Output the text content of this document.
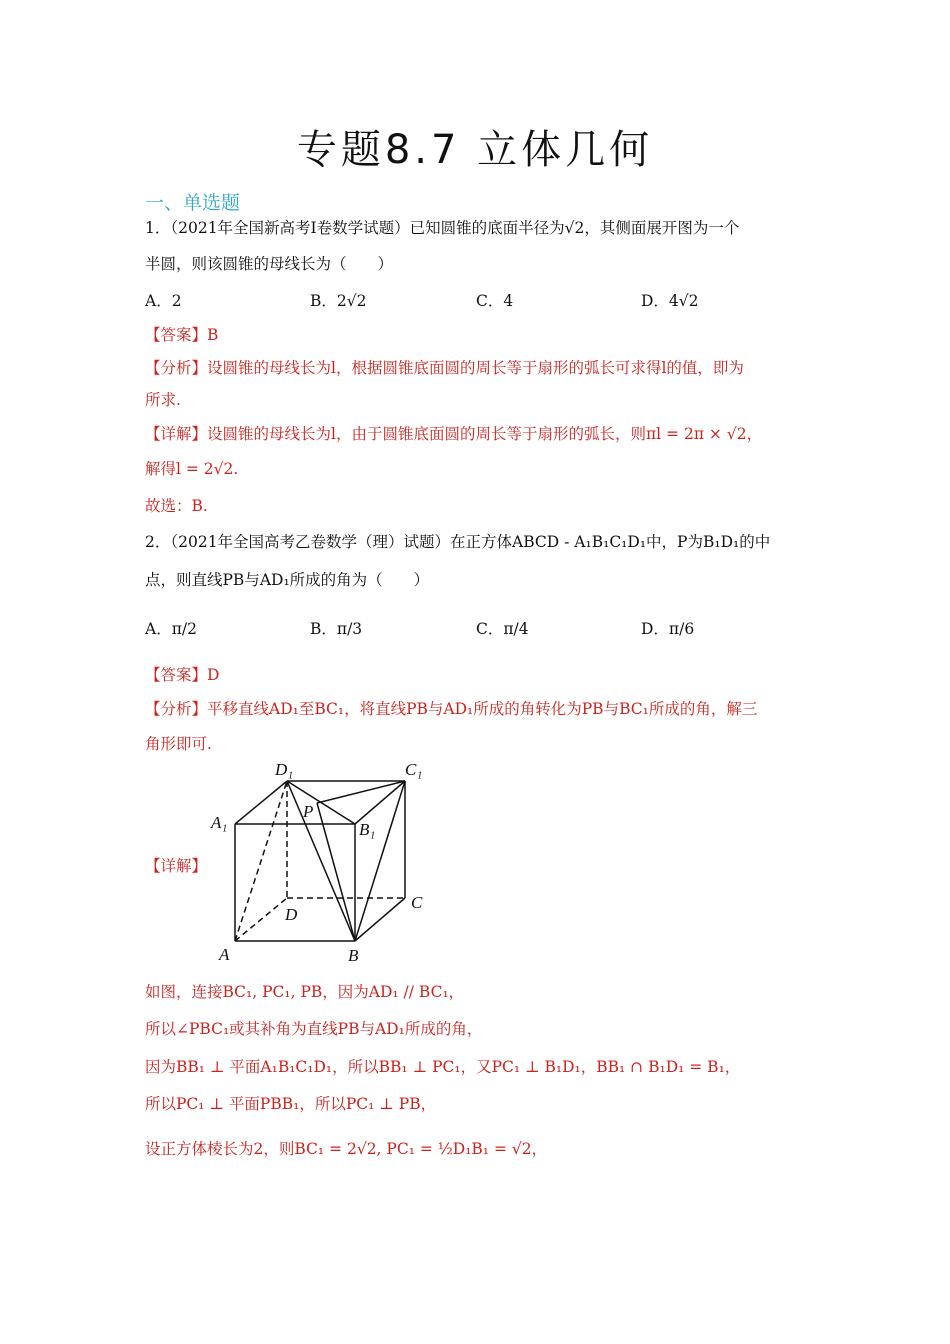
专题8.7 立体几何
一、单选题
1．（2021年全国新高考Ⅰ卷数学试题）已知圆锥的底面半径为√2，其侧面展开图为一个
半圆，则该圆锥的母线长为（　　）
A．2	B．2√2	C．4	D．4√2
【答案】B
【分析】设圆锥的母线长为l，根据圆锥底面圆的周长等于扇形的弧长可求得l的值，即为
所求.
【详解】设圆锥的母线长为l，由于圆锥底面圆的周长等于扇形的弧长，则πl = 2π × √2，
解得l = 2√2.
故选：B.
2．（2021年全国高考乙卷数学（理）试题）在正方体ABCD - A₁B₁C₁D₁中，P为B₁D₁的中
点，则直线PB与AD₁所成的角为（　　）
A．π/2	B．π/3	C．π/4	D．π/6
【答案】D
【分析】平移直线AD₁至BC₁，将直线PB与AD₁所成的角转化为PB与BC₁所成的角，解三
角形即可.
【详解】
D₁	C₁
A₁
P
B₁
D
C
A	B
如图，连接BC₁, PC₁, PB，因为AD₁ // BC₁，
所以∠PBC₁或其补角为直线PB与AD₁所成的角，
因为BB₁ ⊥ 平面A₁B₁C₁D₁，所以BB₁ ⊥ PC₁，又PC₁ ⊥ B₁D₁，BB₁ ∩ B₁D₁ = B₁，
所以PC₁ ⊥ 平面PBB₁，所以PC₁ ⊥ PB，
设正方体棱长为2，则BC₁ = 2√2, PC₁ = ½D₁B₁ = √2，
